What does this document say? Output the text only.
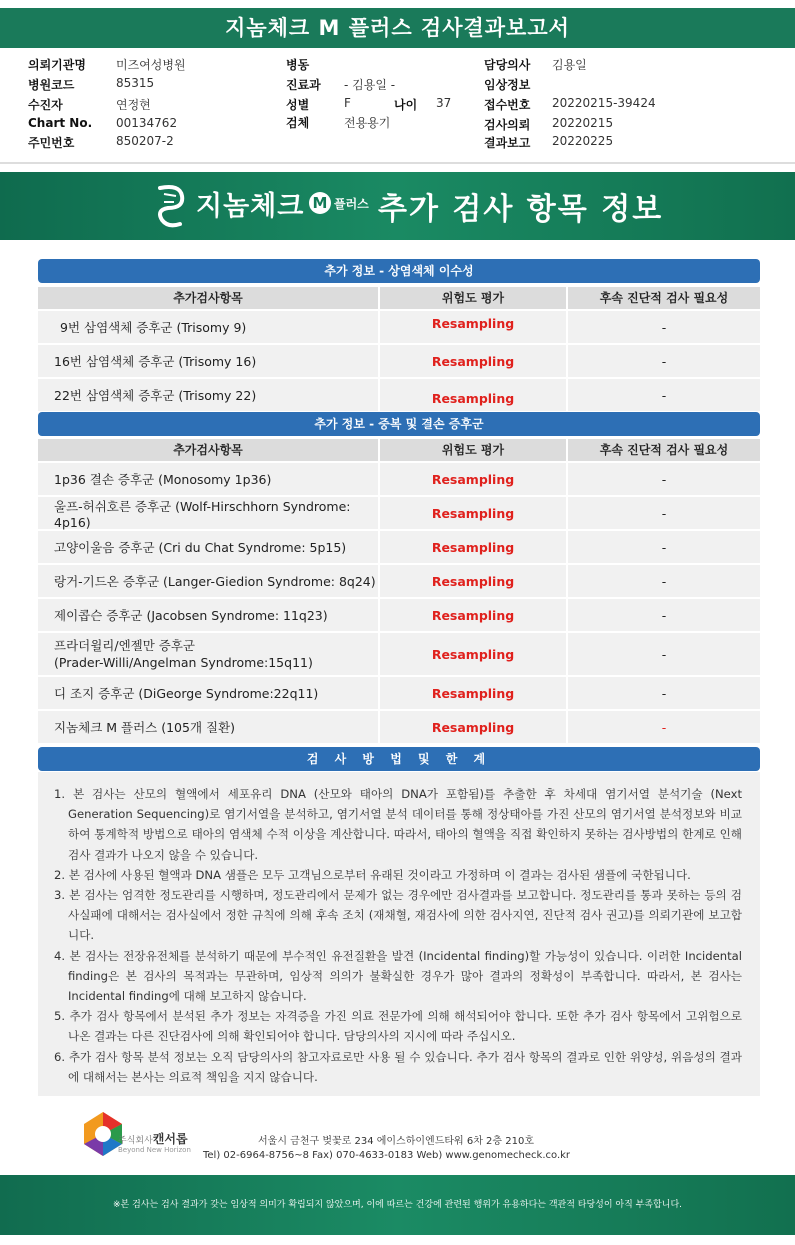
지놈체크 M 플러스 검사결과보고서
의뢰기관명	미즈여성병원
병원코드	85315
수진자	연정현
Chart No. 00134762
주민번호	850207-2
병동
진료과 - 김용일 -
성별	F	나이 37
검체	전용용기
담당의사 김용일
임상정보
접수번호 20220215-39424
검사의뢰 20220215
결과보고 20220225
지놈체크 M 플러스 추가 검사 항목 정보
추가 정보 - 상염색체 이수성
추가검사항목	위험도 평가	후속 진단적 검사 필요성
9번 삼염색체 증후군 (Trisomy 9)	Resampling	-
16번 삼염색체 증후군 (Trisomy 16)	Resampling	-
22번 삼염색체 증후군 (Trisomy 22)	Resampling	-
추가 정보 - 중복 및 결손 증후군
추가검사항목	위험도 평가	후속 진단적 검사 필요성
1p36 결손 증후군 (Monosomy 1p36)	Resampling	-
울프-허쉬호른 증후군 (Wolf-Hirschhorn Syndrome: 4p16)
Resampling	-
고양이울음 증후군 (Cri du Chat Syndrome: 5p15)	Resampling	-
랑거-기드온 증후군 (Langer-Giedion Syndrome: 8q24)	Resampling	-
제이콥슨 증후군 (Jacobsen Syndrome: 11q23)	Resampling	-
프라더윌리/엔젤만 증후군
(Prader-Willi/Angelman Syndrome:15q11)
Resampling	-
디 조지 증후군 (DiGeorge Syndrome:22q11)	Resampling	-
지놈체크 M 플러스 (105개 질환)	Resampling	-
검 사 방 법 및 한 계
1. 본 검사는 산모의 혈액에서 세포유리 DNA (산모와 태아의 DNA가 포함됨)를 추출한 후 차세대 염기서열 분석기술 (Next Generation Sequencing)로 염기서열을 분석하고, 염기서열 분석 데이터를 통해 정상태아를 가진 산모의 염기서열 분석정보와 비교하여 통계학적 방법으로 태아의 염색체 수적 이상을 계산합니다. 따라서, 태아의 혈액을 직접 확인하지 못하는 검사방법의 한계로 인해 검사 결과가 나오지 않을 수 있습니다.
2. 본 검사에 사용된 혈액과 DNA 샘플은 모두 고객님으로부터 유래된 것이라고 가정하며 이 결과는 검사된 샘플에 국한됩니다.
3. 본 검사는 엄격한 정도관리를 시행하며, 정도관리에서 문제가 없는 경우에만 검사결과를 보고합니다. 정도관리를 통과 못하는 등의 검사실패에 대해서는 검사실에서 정한 규칙에 의해 후속 조치 (재채혈, 재검사에 의한 검사지연, 진단적 검사 권고)를 의뢰기관에 보고합니다.
4. 본 검사는 전장유전체를 분석하기 때문에 부수적인 유전질환을 발견 (Incidental finding)할 가능성이 있습니다. 이러한 Incidental finding은 본 검사의 목적과는 무관하며, 임상적 의의가 불확실한 경우가 많아 결과의 정확성이 부족합니다. 따라서, 본 검사는 Incidental finding에 대해 보고하지 않습니다.
5. 추가 검사 항목에서 분석된 추가 정보는 자격증을 가진 의료 전문가에 의해 해석되어야 합니다. 또한 추가 검사 항목에서 고위험으로 나온 결과는 다른 진단검사에 의해 확인되어야 합니다. 담당의사의 지시에 따라 주십시오.
6. 추가 검사 항목 분석 정보는 오직 담당의사의 참고자료로만 사용 될 수 있습니다. 추가 검사 항목의 결과로 인한 위양성, 위음성의 결과에 대해서는 본사는 의료적 책임을 지지 않습니다.
주식회사캔서롭
Beyond New Horizon
서울시 금천구 벚꽃로 234 에이스하이엔드타워 6차 2층 210호
Tel) 02-6964-8756~8 Fax) 070-4633-0183 Web) www.genomecheck.co.kr
※본 검사는 검사 결과가 갖는 임상적 의미가 확립되지 않았으며, 이에 따르는 건강에 관련된 행위가 유용하다는 객관적 타당성이 아직 부족합니다.
